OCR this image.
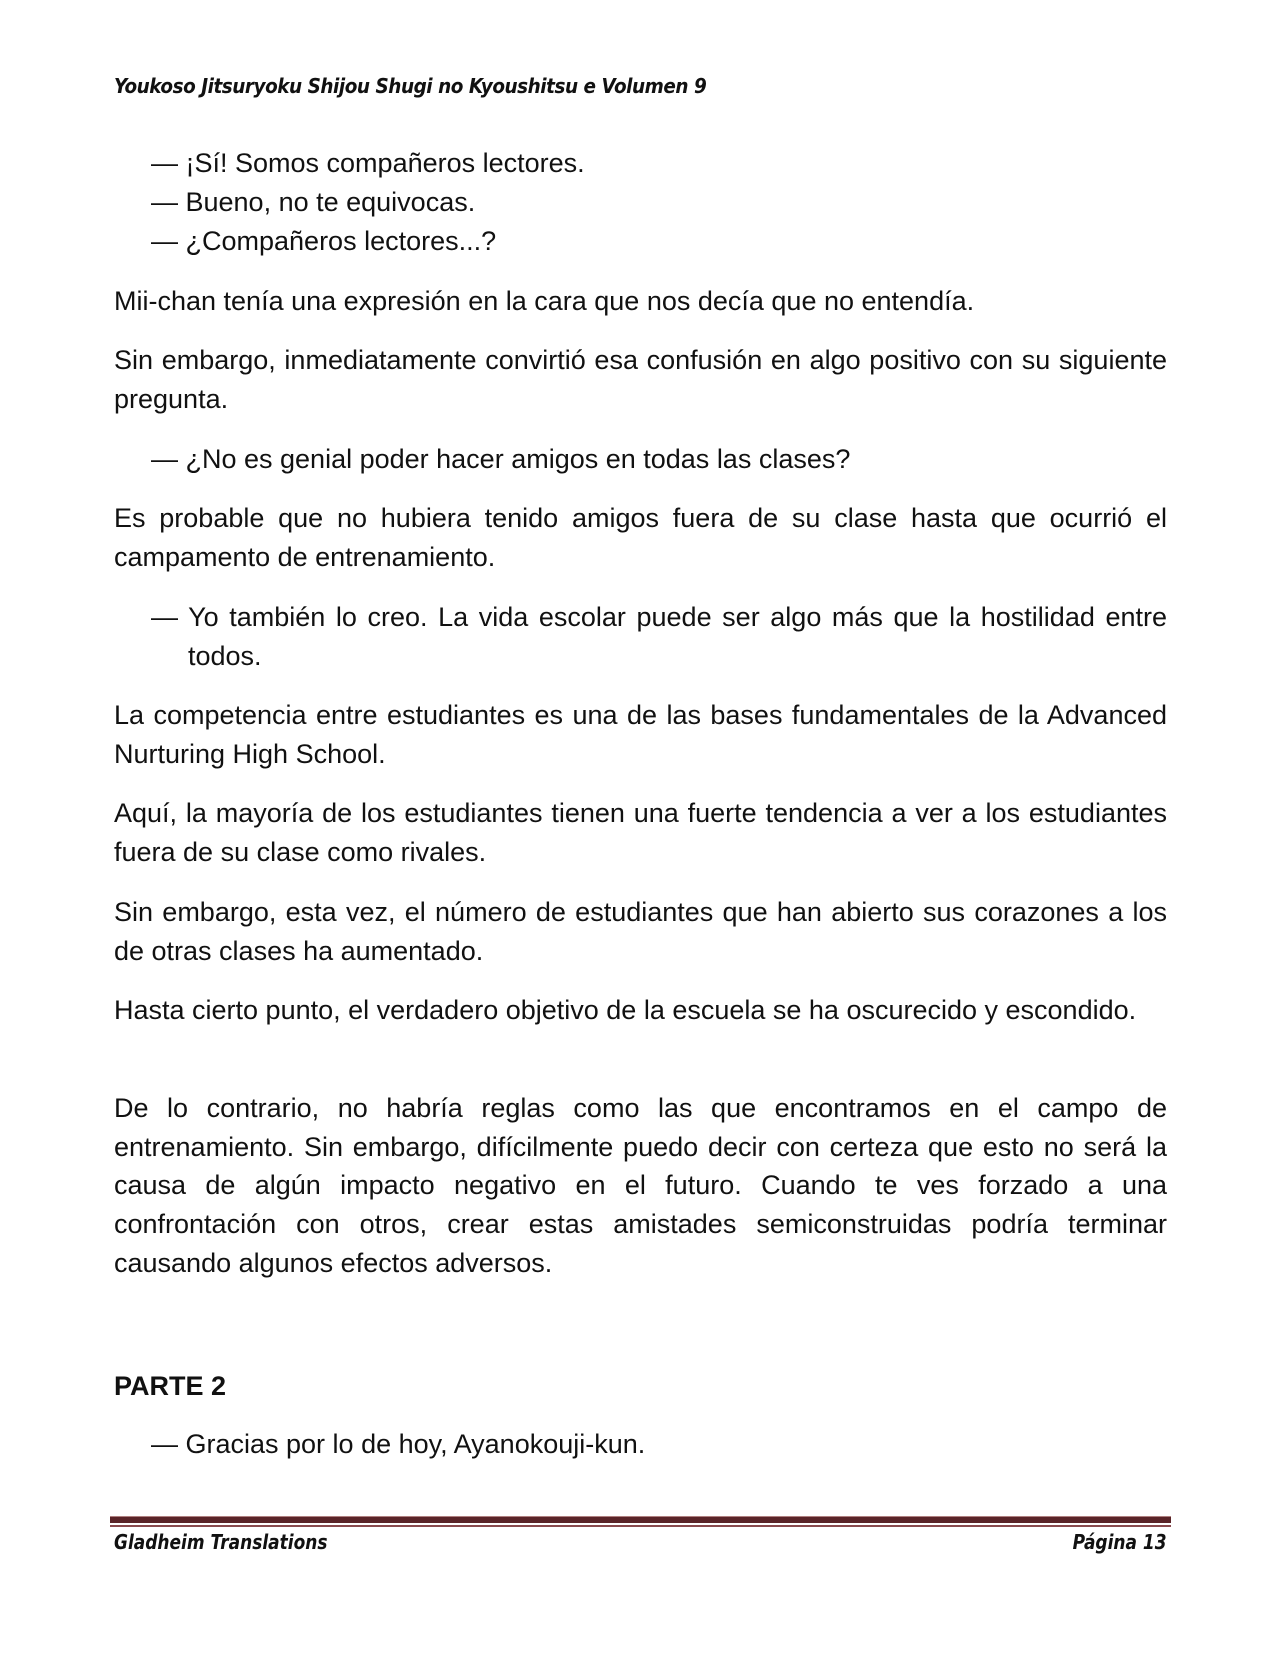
Youkoso Jitsuryoku Shijou Shugi no Kyoushitsu e Volumen 9
— ¡Sí! Somos compañeros lectores.
— Bueno, no te equivocas.
— ¿Compañeros lectores...?
Mii-chan tenía una expresión en la cara que nos decía que no entendía.
Sin embargo, inmediatamente convirtió esa confusión en algo positivo con su siguiente pregunta.
— ¿No es genial poder hacer amigos en todas las clases?
Es probable que no hubiera tenido amigos fuera de su clase hasta que ocurrió el campamento de entrenamiento.
— Yo también lo creo. La vida escolar puede ser algo más que la hostilidad entre todos.
La competencia entre estudiantes es una de las bases fundamentales de la Advanced Nurturing High School.
Aquí, la mayoría de los estudiantes tienen una fuerte tendencia a ver a los estudiantes fuera de su clase como rivales.
Sin embargo, esta vez, el número de estudiantes que han abierto sus corazones a los de otras clases ha aumentado.
Hasta cierto punto, el verdadero objetivo de la escuela se ha oscurecido y escondido.
De lo contrario, no habría reglas como las que encontramos en el campo de entrenamiento. Sin embargo, difícilmente puedo decir con certeza que esto no será la causa de algún impacto negativo en el futuro. Cuando te ves forzado a una confrontación con otros, crear estas amistades semiconstruidas podría terminar causando algunos efectos adversos.
PARTE 2
— Gracias por lo de hoy, Ayanokouji-kun.
Gladheim Translations	Página 13
